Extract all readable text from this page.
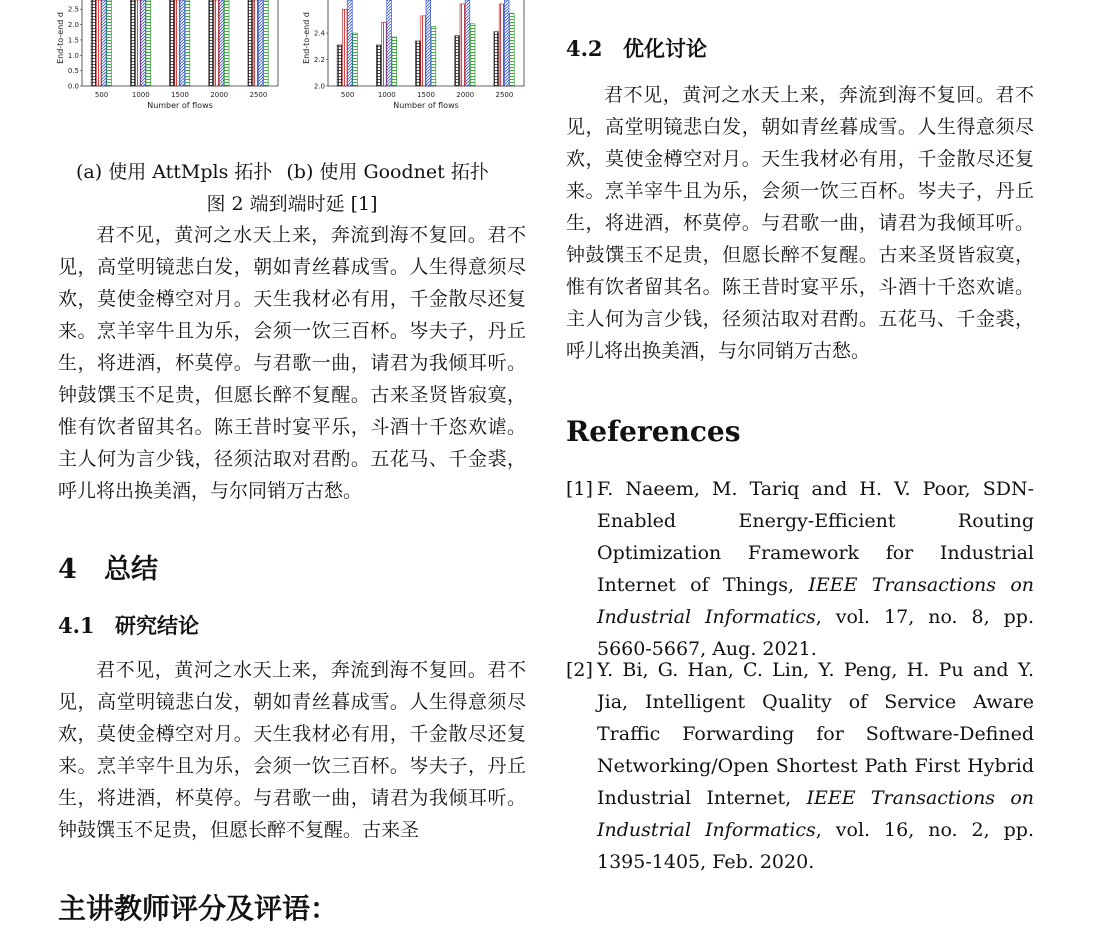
500	1000	1500	2000	2500
0.0
0.5
1.0
1.5
2.0
2.5
Number of flows
End-to-end d
500	1000	1500	2000	2500
2.0
2.2
2.4
Number of flows
End-to-end d
(a) 使用 AttMpls 拓扑 (b) 使用 Goodnet 拓扑
图 2 端到端时延 [1]

君不见，黄河之水天上来，奔流到海不复回。君不见，高堂明镜悲白发，朝如青丝暮成雪。人生得意须尽欢，莫使金樽空对月。天生我材必有用，千金散尽还复来。烹羊宰牛且为乐，会须一饮三百杯。岑夫子，丹丘生，将进酒，杯莫停。与君歌一曲，请君为我倾耳听。钟鼓馔玉不足贵，但愿长醉不复醒。古来圣贤皆寂寞，惟有饮者留其名。陈王昔时宴平乐，斗酒十千恣欢谑。主人何为言少钱，径须沽取对君酌。五花马、千金裘，呼儿将出换美酒，与尔同销万古愁。

4 总结
4.1 研究结论

君不见，黄河之水天上来，奔流到海不复回。君不见，高堂明镜悲白发，朝如青丝暮成雪。人生得意须尽欢，莫使金樽空对月。天生我材必有用，千金散尽还复来。烹羊宰牛且为乐，会须一饮三百杯。岑夫子，丹丘生，将进酒，杯莫停。与君歌一曲，请君为我倾耳听。钟鼓馔玉不足贵，但愿长醉不复醒。古来圣

主讲教师评分及评语：
4.2 优化讨论

君不见，黄河之水天上来，奔流到海不复回。君不见，高堂明镜悲白发，朝如青丝暮成雪。人生得意须尽欢，莫使金樽空对月。天生我材必有用，千金散尽还复来。烹羊宰牛且为乐，会须一饮三百杯。岑夫子，丹丘生，将进酒，杯莫停。与君歌一曲，请君为我倾耳听。钟鼓馔玉不足贵，但愿长醉不复醒。古来圣贤皆寂寞，惟有饮者留其名。陈王昔时宴平乐，斗酒十千恣欢谑。主人何为言少钱，径须沽取对君酌。五花马、千金裘，呼儿将出换美酒，与尔同销万古愁。

References
[1] F. Naeem, M. Tariq and H. V. Poor, SDN-Enabled Energy-Efficient Routing Optimization Framework for Industrial Internet of Things, IEEE Transactions on Industrial Informatics, vol. 17, no. 8, pp. 5660-5667, Aug. 2021.
[2] Y. Bi, G. Han, C. Lin, Y. Peng, H. Pu and Y. Jia, Intelligent Quality of Service Aware Traffic Forwarding for Software-Defined Networking/Open Shortest Path First Hybrid Industrial Internet, IEEE Transactions on Industrial Informatics, vol. 16, no. 2, pp. 1395-1405, Feb. 2020.
